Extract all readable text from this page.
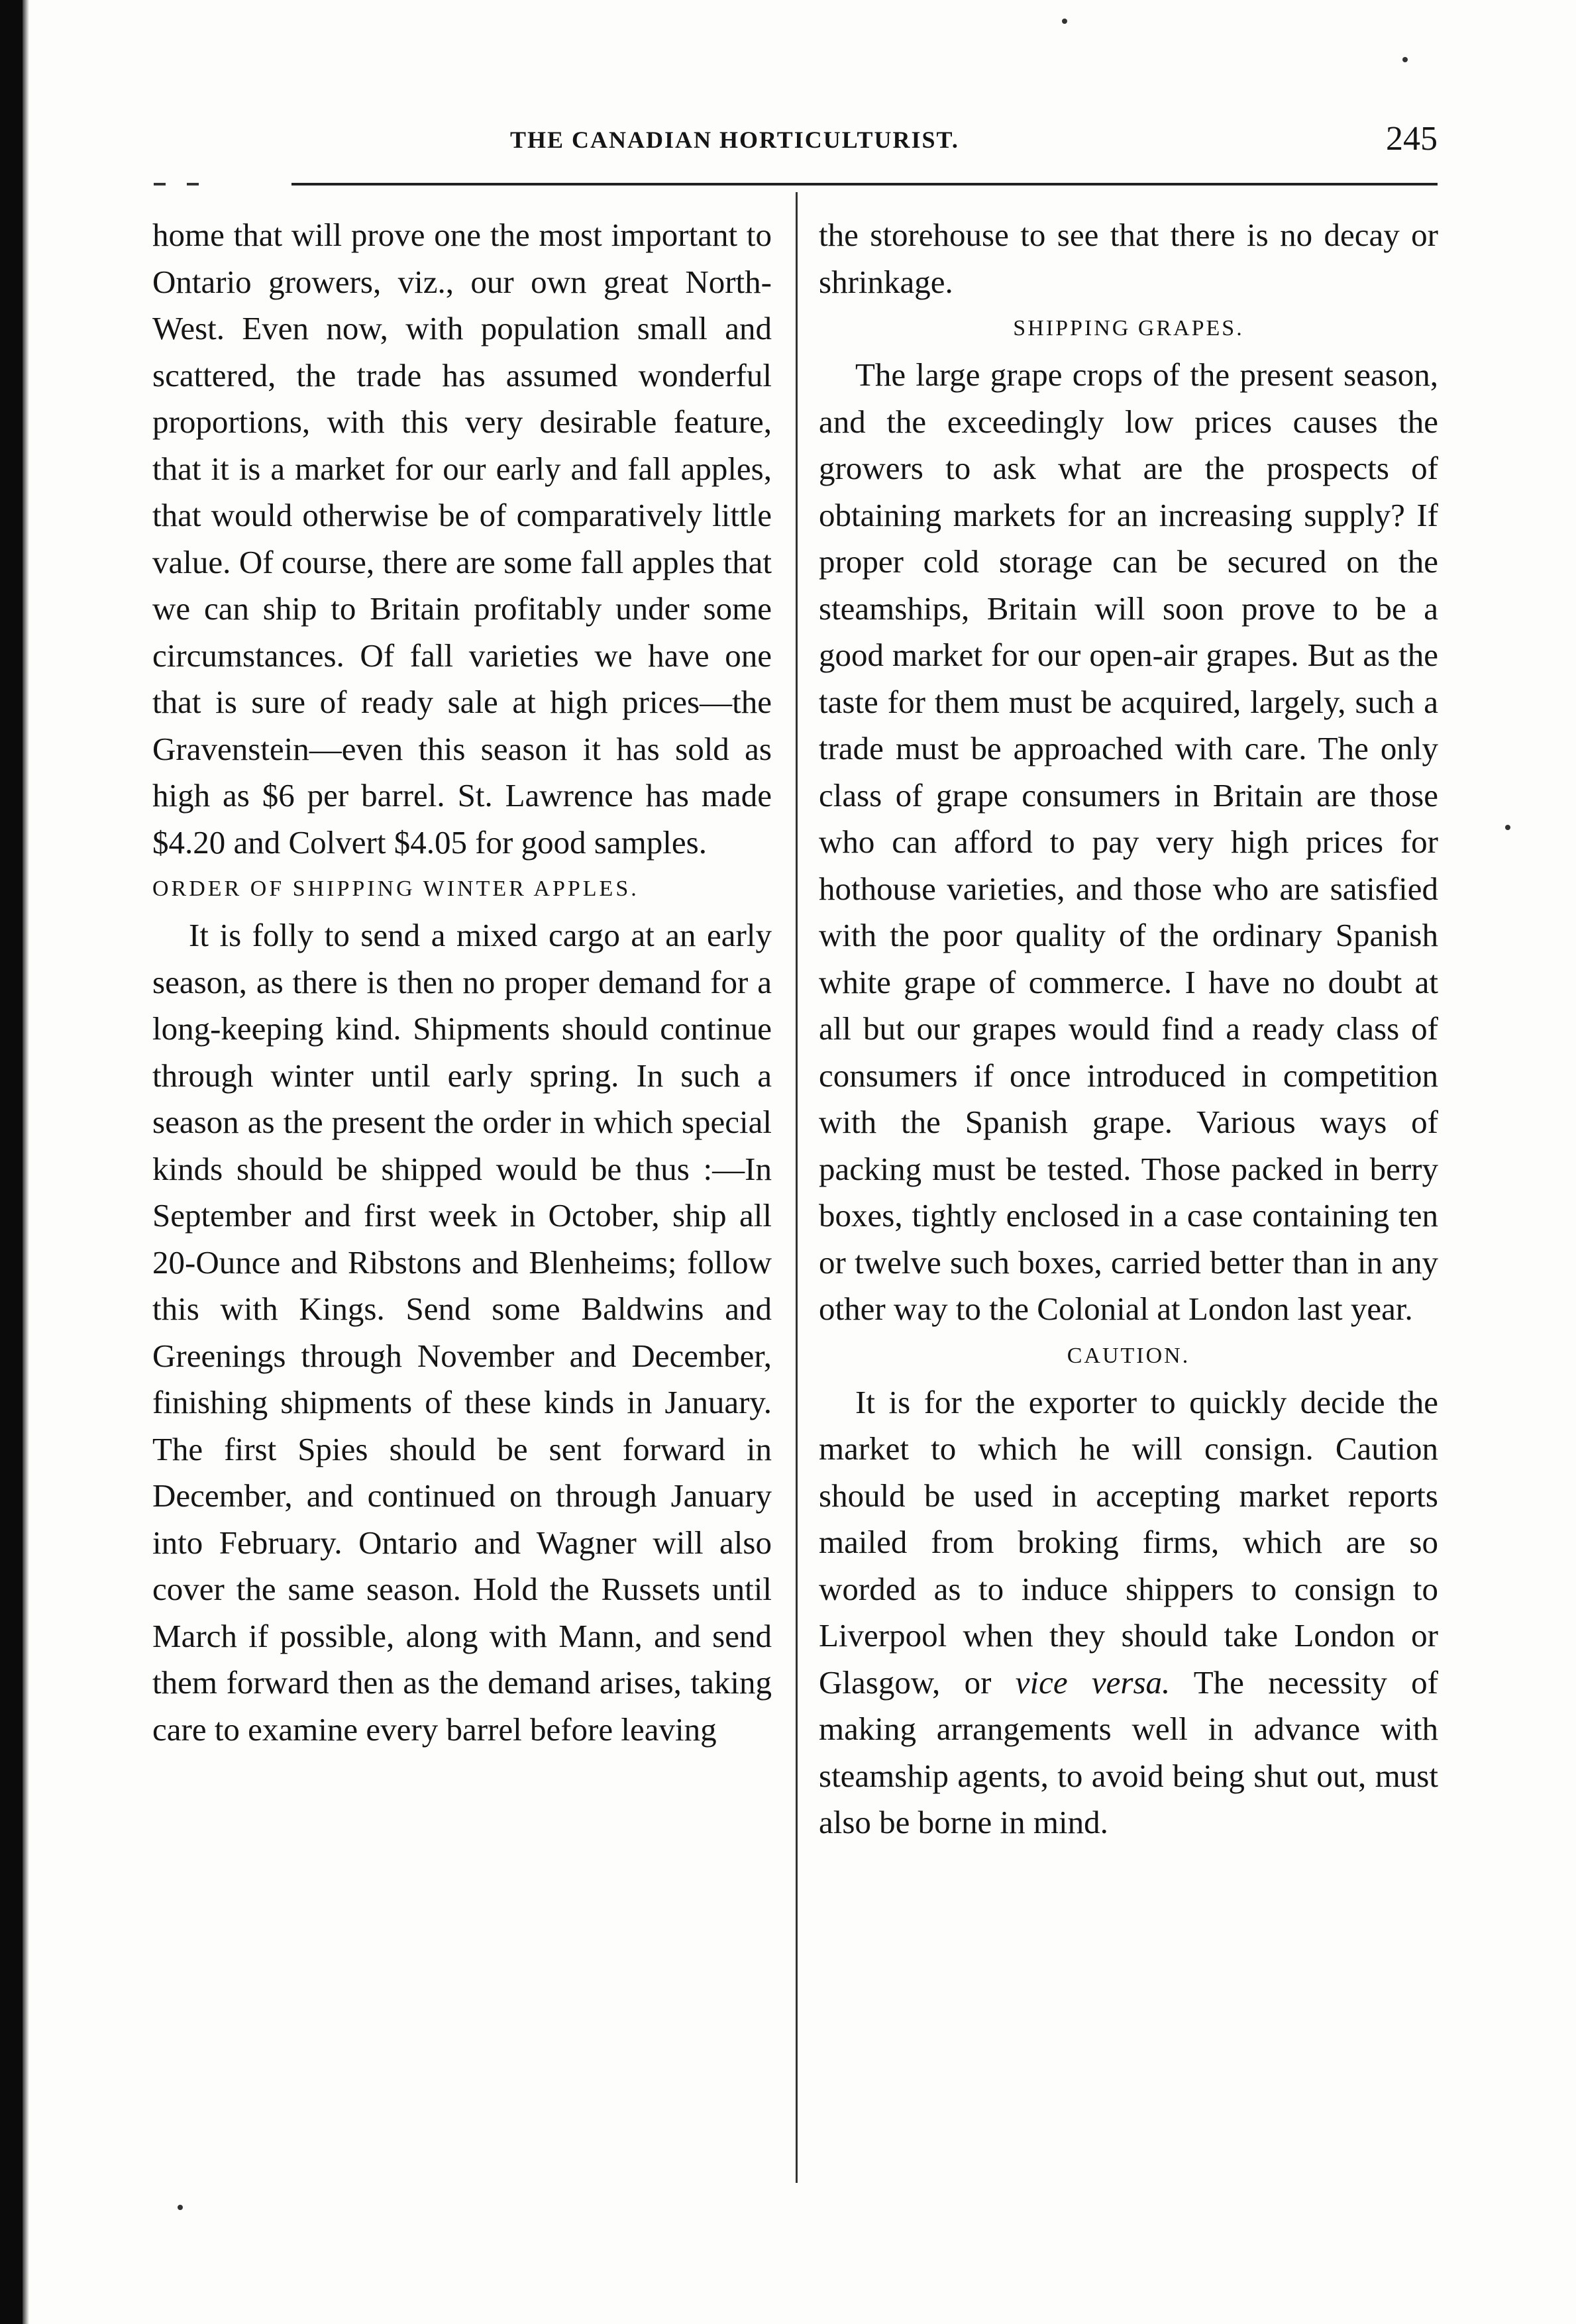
THE CANADIAN HORTICULTURIST.	245

home that will prove one the most important to Ontario growers, viz., our own great North-West. Even now, with population small and scattered, the trade has assumed wonderful proportions, with this very desirable feature, that it is a market for our early and fall apples, that would otherwise be of comparatively little value. Of course, there are some fall apples that we can ship to Britain profitably under some circumstances. Of fall varieties we have one that is sure of ready sale at high prices—the Gravenstein—even this season it has sold as high as $6 per barrel. St. Lawrence has made $4.20 and Colvert $4.05 for good samples.

ORDER OF SHIPPING WINTER APPLES.

It is folly to send a mixed cargo at an early season, as there is then no proper demand for a long-keeping kind. Shipments should continue through winter until early spring. In such a season as the present the order in which special kinds should be shipped would be thus :—In September and first week in October, ship all 20-Ounce and Ribstons and Blenheims; follow this with Kings. Send some Baldwins and Greenings through November and December, finishing shipments of these kinds in January. The first Spies should be sent forward in December, and continued on through January into February. Ontario and Wagner will also cover the same season. Hold the Russets until March if possible, along with Mann, and send them forward then as the demand arises, taking care to examine every barrel before leaving

the storehouse to see that there is no decay or shrinkage.

SHIPPING GRAPES.

The large grape crops of the present season, and the exceedingly low prices causes the growers to ask what are the prospects of obtaining markets for an increasing supply? If proper cold storage can be secured on the steamships, Britain will soon prove to be a good market for our open-air grapes. But as the taste for them must be acquired, largely, such a trade must be approached with care. The only class of grape consumers in Britain are those who can afford to pay very high prices for hothouse varieties, and those who are satisfied with the poor quality of the ordinary Spanish white grape of commerce. I have no doubt at all but our grapes would find a ready class of consumers if once introduced in competition with the Spanish grape. Various ways of packing must be tested. Those packed in berry boxes, tightly enclosed in a case containing ten or twelve such boxes, carried better than in any other way to the Colonial at London last year.

CAUTION.

It is for the exporter to quickly decide the market to which he will consign. Caution should be used in accepting market reports mailed from broking firms, which are so worded as to induce shippers to consign to Liverpool when they should take London or Glasgow, or vice versa. The necessity of making arrangements well in advance with steamship agents, to avoid being shut out, must also be borne in mind.
